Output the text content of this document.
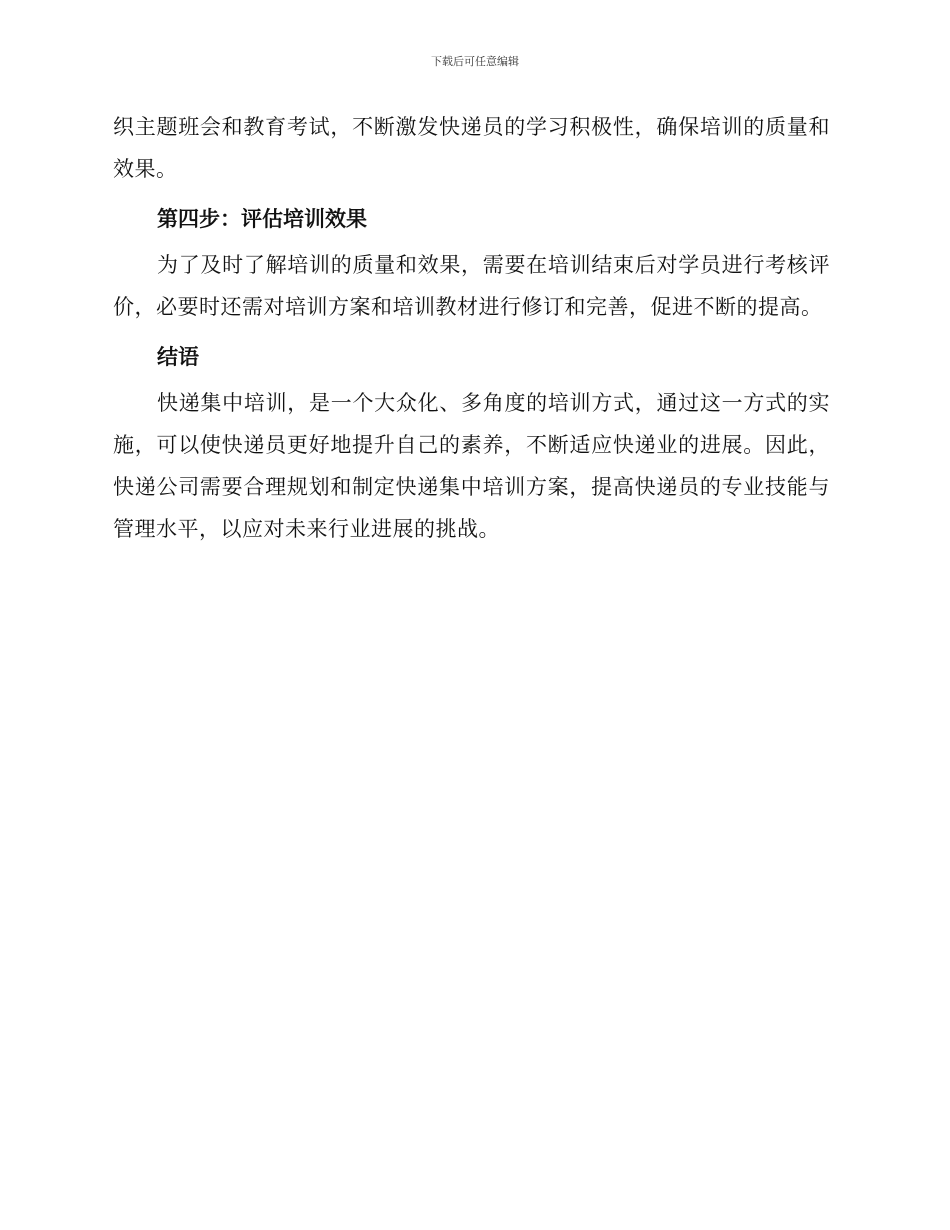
下载后可任意编辑

织主题班会和教育考试，不断激发快递员的学习积极性，确保培训的质量和效果。

第四步：评估培训效果

为了及时了解培训的质量和效果，需要在培训结束后对学员进行考核评价，必要时还需对培训方案和培训教材进行修订和完善，促进不断的提高。

结语

快递集中培训，是一个大众化、多角度的培训方式，通过这一方式的实施，可以使快递员更好地提升自己的素养，不断适应快递业的进展。因此，快递公司需要合理规划和制定快递集中培训方案，提高快递员的专业技能与管理水平，以应对未来行业进展的挑战。
